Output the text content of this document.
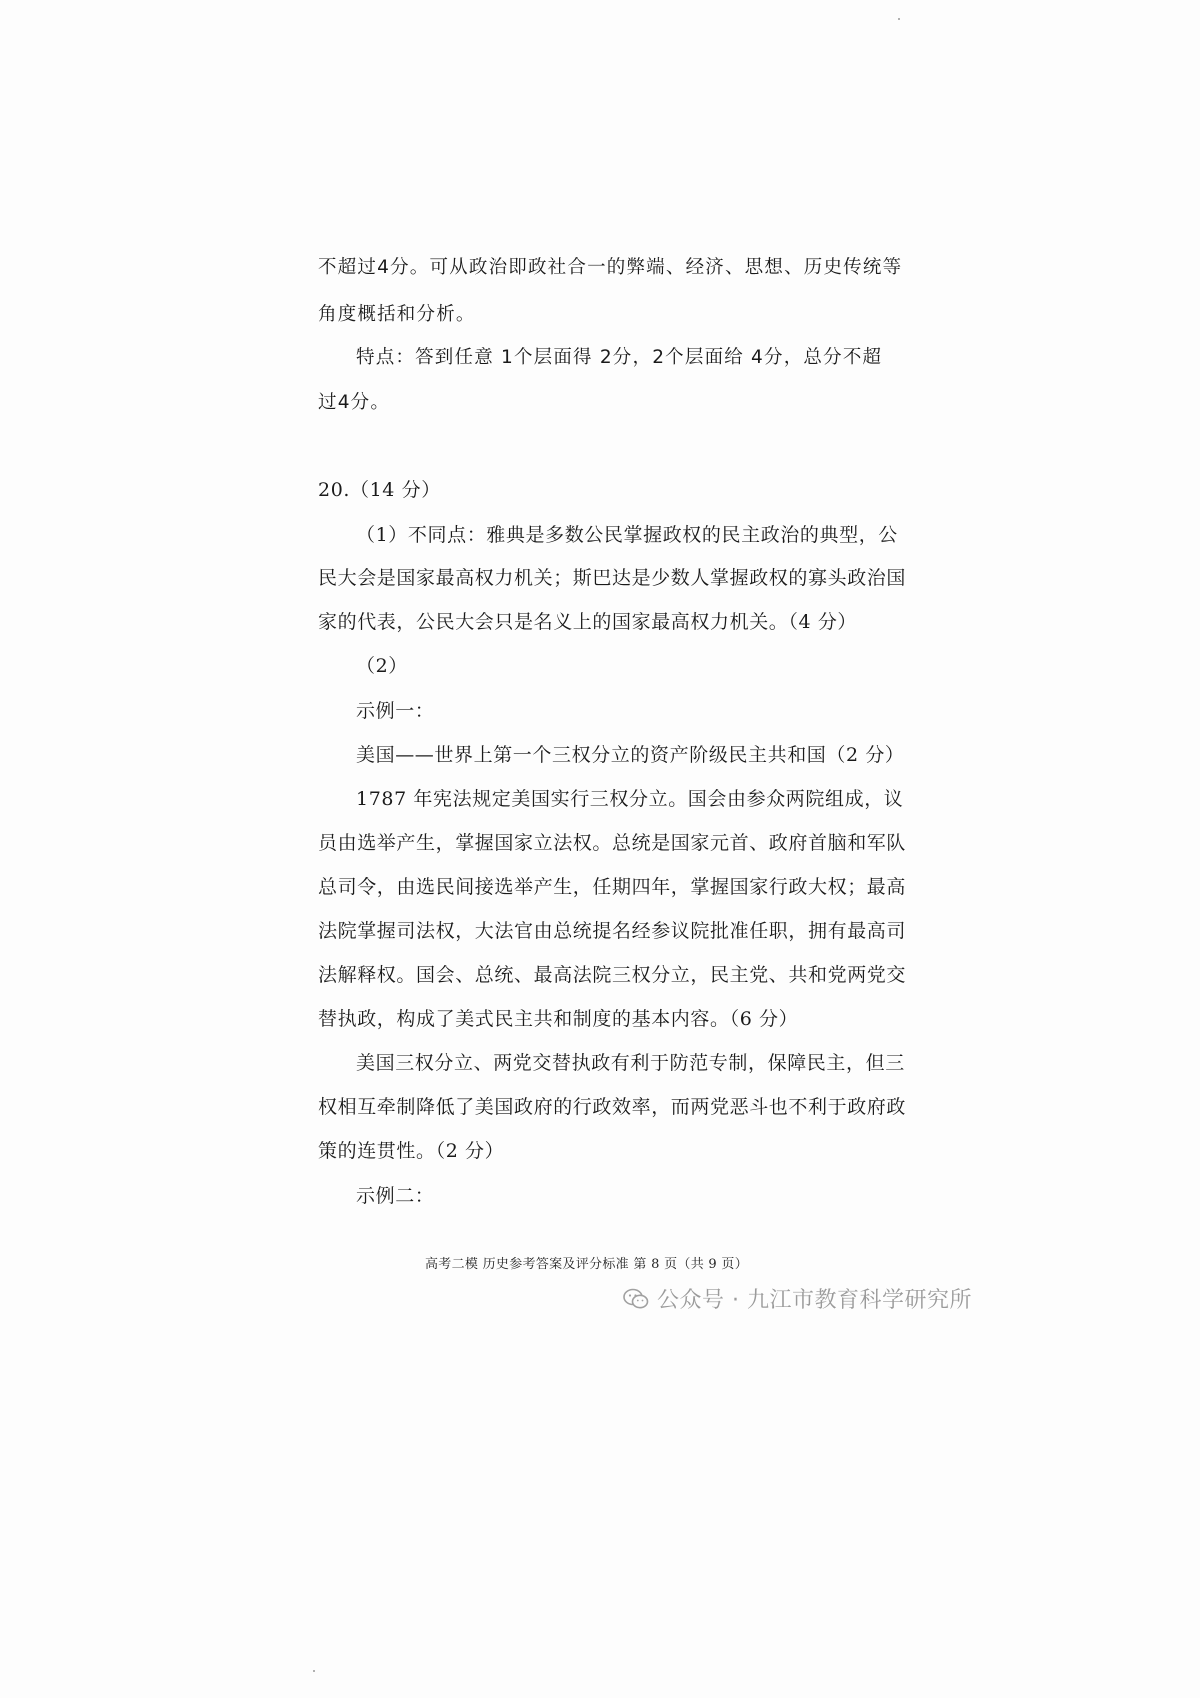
不超过4分。可从政治即政社合一的弊端、经济、思想、历史传统等
角度概括和分析。
特点：答到任意 1个层面得 2分，2个层面给 4分，总分不超
过4分。
20.（14 分）
（1）不同点：雅典是多数公民掌握政权的民主政治的典型，公
民大会是国家最高权力机关；斯巴达是少数人掌握政权的寡头政治国
家的代表，公民大会只是名义上的国家最高权力机关。（4 分）
（2）
示例一：
美国——世界上第一个三权分立的资产阶级民主共和国（2 分）
1787 年宪法规定美国实行三权分立。国会由参众两院组成，议
员由选举产生，掌握国家立法权。总统是国家元首、政府首脑和军队
总司令，由选民间接选举产生，任期四年，掌握国家行政大权；最高
法院掌握司法权，大法官由总统提名经参议院批准任职，拥有最高司
法解释权。国会、总统、最高法院三权分立，民主党、共和党两党交
替执政，构成了美式民主共和制度的基本内容。（6 分）
美国三权分立、两党交替执政有利于防范专制，保障民主，但三
权相互牵制降低了美国政府的行政效率，而两党恶斗也不利于政府政
策的连贯性。（2 分）
示例二：
高考二模 历史参考答案及评分标准 第 8 页（共 9 页）
公众号 · 九江市教育科学研究所
